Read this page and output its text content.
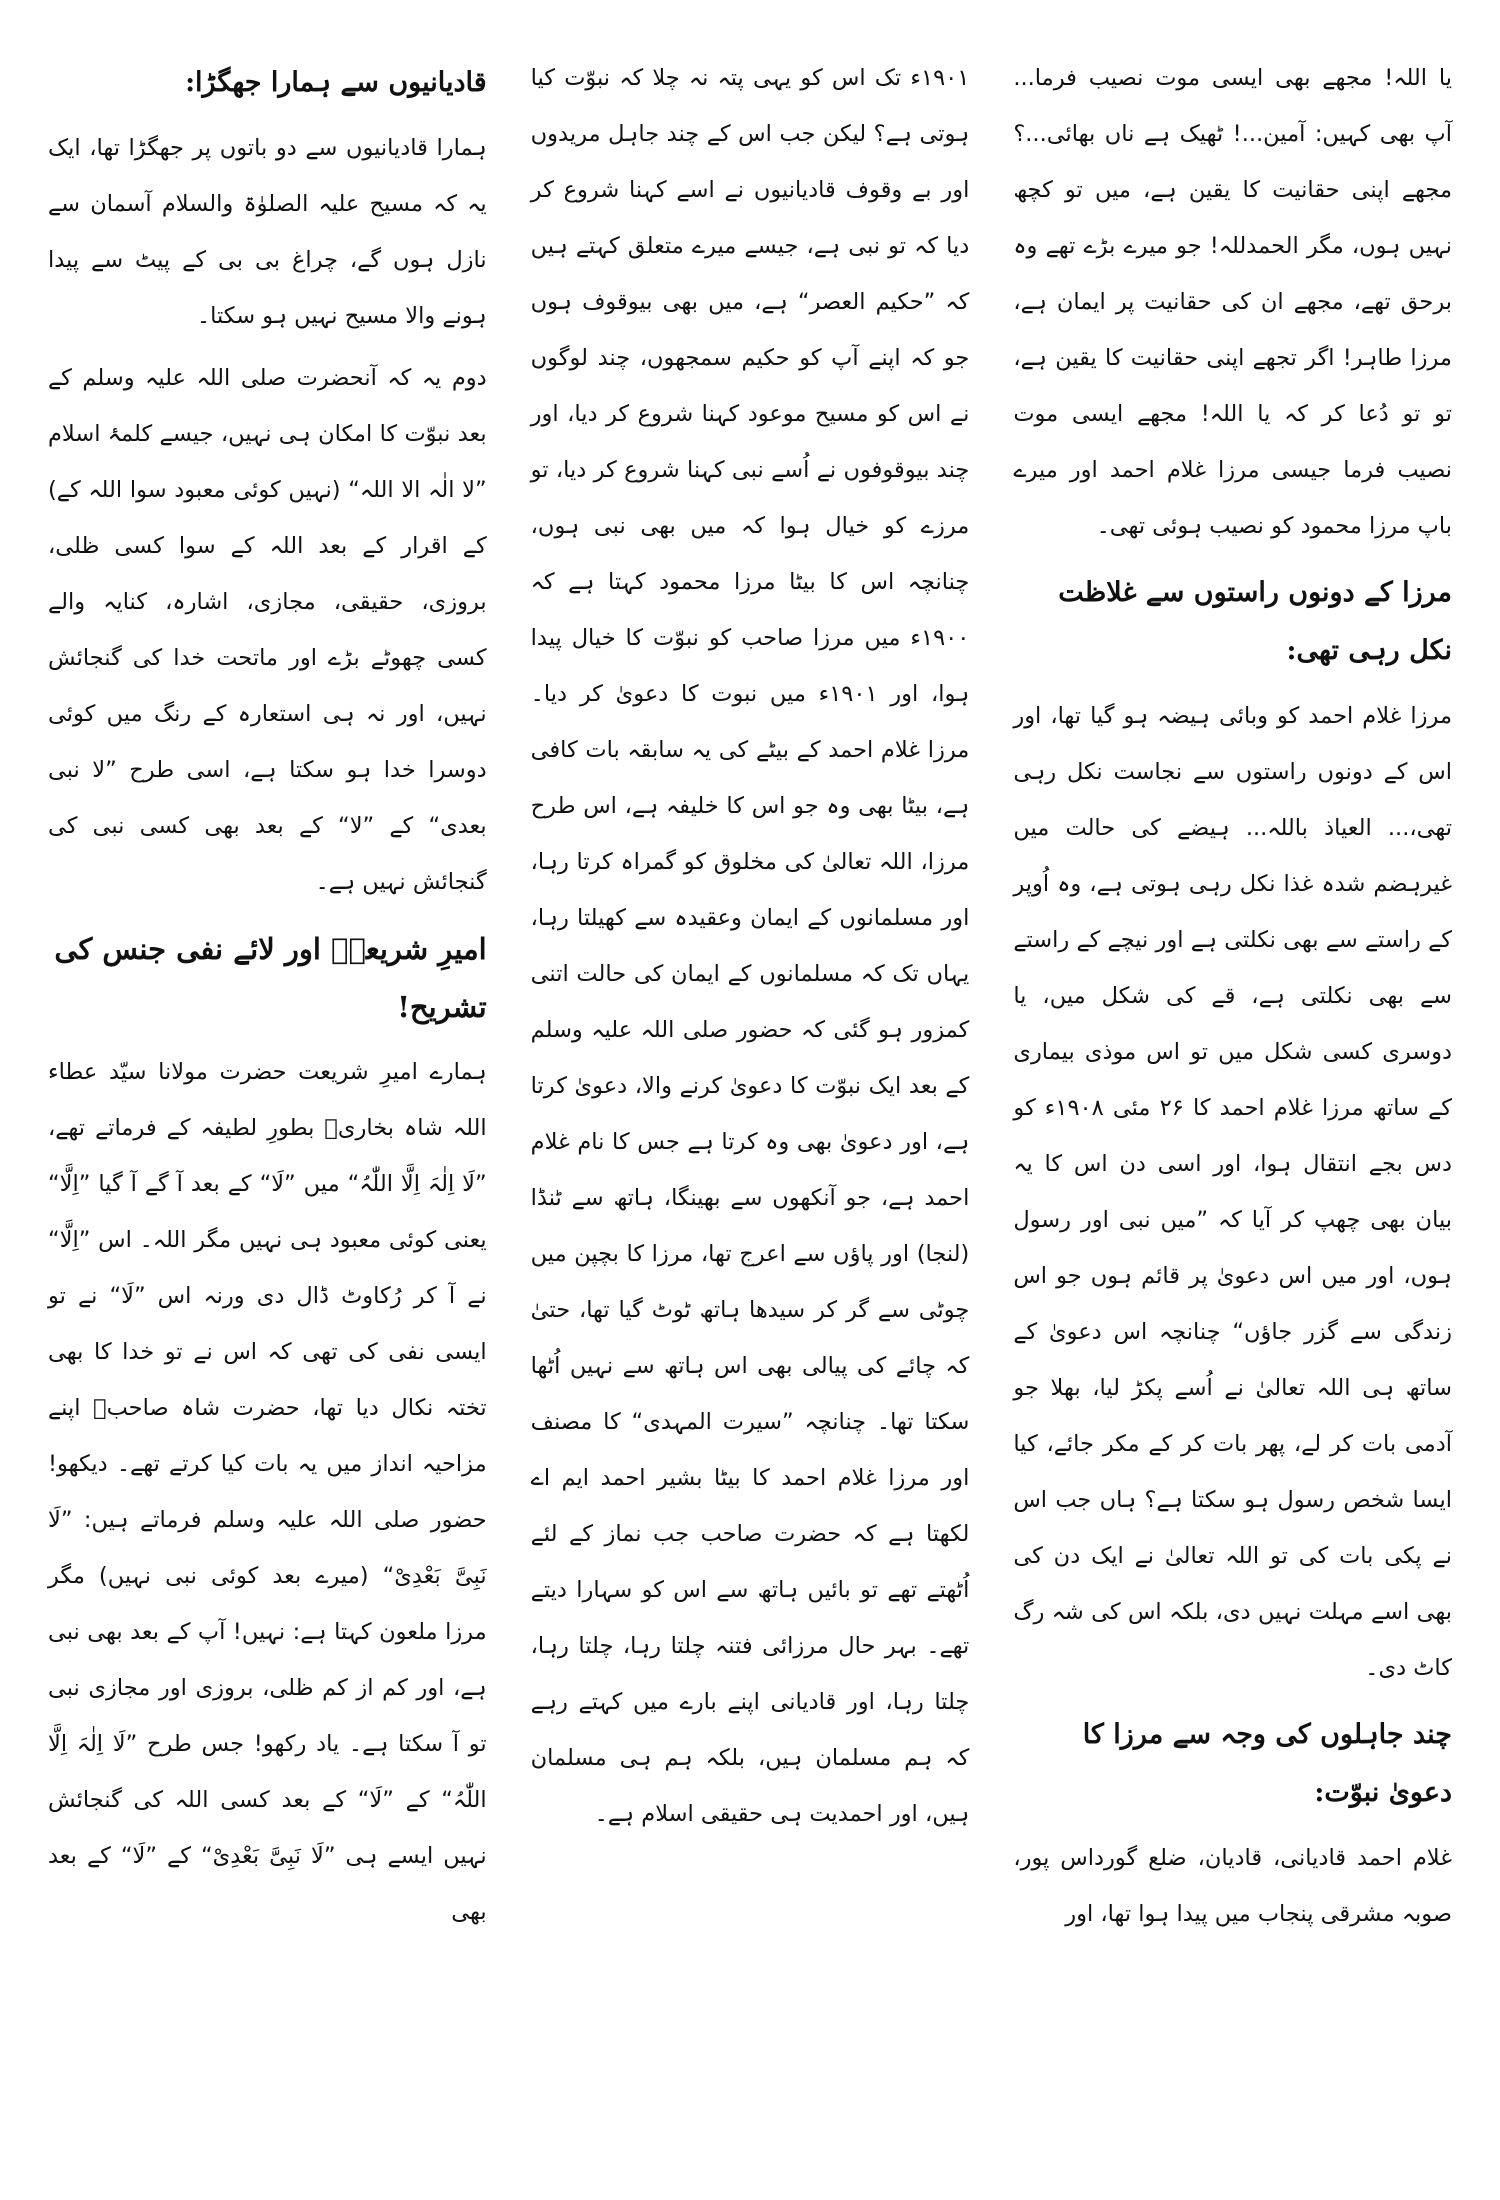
یا اللہ! مجھے بھی ایسی موت نصیب فرما... آپ بھی کہیں: آمین...! ٹھیک ہے ناں بھائی...؟ مجھے اپنی حقانیت کا یقین ہے، میں تو کچھ نہیں ہوں، مگر الحمدللہ! جو میرے بڑے تھے وہ برحق تھے، مجھے ان کی حقانیت پر ایمان ہے، مرزا طاہر! اگر تجھے اپنی حقانیت کا یقین ہے، تو تو دُعا کر کہ یا اللہ! مجھے ایسی موت نصیب فرما جیسی مرزا غلام احمد اور میرے باپ مرزا محمود کو نصیب ہوئی تھی۔

مرزا کے دونوں راستوں سے غلاظت نکل رہی تھی:

مرزا غلام احمد کو وبائی ہیضہ ہو گیا تھا، اور اس کے دونوں راستوں سے نجاست نکل رہی تھی،... العیاذ باللہ... ہیضے کی حالت میں غیرہضم شدہ غذا نکل رہی ہوتی ہے، وہ اُوپر کے راستے سے بھی نکلتی ہے اور نیچے کے راستے سے بھی نکلتی ہے، قے کی شکل میں، یا دوسری کسی شکل میں تو اس موذی بیماری کے ساتھ مرزا غلام احمد کا ۲۶ مئی ۱۹۰۸ء کو دس بجے انتقال ہوا، اور اسی دن اس کا یہ بیان بھی چھپ کر آیا کہ ”میں نبی اور رسول ہوں، اور میں اس دعویٰ پر قائم ہوں جو اس زندگی سے گزر جاؤں“ چنانچہ اس دعویٰ کے ساتھ ہی اللہ تعالیٰ نے اُسے پکڑ لیا، بھلا جو آدمی بات کر لے، پھر بات کر کے مکر جائے، کیا ایسا شخص رسول ہو سکتا ہے؟ ہاں جب اس نے پکی بات کی تو اللہ تعالیٰ نے ایک دن کی بھی اسے مہلت نہیں دی، بلکہ اس کی شہ رگ کاٹ دی۔

چند جاہلوں کی وجہ سے مرزا کا دعویٰ نبوّت:

غلام احمد قادیانی، قادیان، ضلع گورداس پور، صوبہ مشرقی پنجاب میں پیدا ہوا تھا، اور

۱۹۰۱ء تک اس کو یہی پتہ نہ چلا کہ نبوّت کیا ہوتی ہے؟ لیکن جب اس کے چند جاہل مریدوں اور بے وقوف قادیانیوں نے اسے کہنا شروع کر دیا کہ تو نبی ہے، جیسے میرے متعلق کہتے ہیں کہ ”حکیم العصر“ ہے، میں بھی بیوقوف ہوں جو کہ اپنے آپ کو حکیم سمجھوں، چند لوگوں نے اس کو مسیح موعود کہنا شروع کر دیا، اور چند بیوقوفوں نے اُسے نبی کہنا شروع کر دیا، تو مرزے کو خیال ہوا کہ میں بھی نبی ہوں، چنانچہ اس کا بیٹا مرزا محمود کہتا ہے کہ ۱۹۰۰ء میں مرزا صاحب کو نبوّت کا خیال پیدا ہوا، اور ۱۹۰۱ء میں نبوت کا دعویٰ کر دیا۔ مرزا غلام احمد کے بیٹے کی یہ سابقہ بات کافی ہے، بیٹا بھی وہ جو اس کا خلیفہ ہے، اس طرح مرزا، اللہ تعالیٰ کی مخلوق کو گمراہ کرتا رہا، اور مسلمانوں کے ایمان وعقیدہ سے کھیلتا رہا، یہاں تک کہ مسلمانوں کے ایمان کی حالت اتنی کمزور ہو گئی کہ حضور صلی اللہ علیہ وسلم کے بعد ایک نبوّت کا دعویٰ کرنے والا، دعویٰ کرتا ہے، اور دعویٰ بھی وہ کرتا ہے جس کا نام غلام احمد ہے، جو آنکھوں سے بھینگا، ہاتھ سے ٹنڈا (لنجا) اور پاؤں سے اعرج تھا، مرزا کا بچپن میں چوٹی سے گر کر سیدھا ہاتھ ٹوٹ گیا تھا، حتیٰ کہ چائے کی پیالی بھی اس ہاتھ سے نہیں اُٹھا سکتا تھا۔ چنانچہ ”سیرت المہدی“ کا مصنف اور مرزا غلام احمد کا بیٹا بشیر احمد ایم اے لکھتا ہے کہ حضرت صاحب جب نماز کے لئے اُٹھتے تھے تو بائیں ہاتھ سے اس کو سہارا دیتے تھے۔ بہر حال مرزائی فتنہ چلتا رہا، چلتا رہا، چلتا رہا، اور قادیانی اپنے بارے میں کہتے رہے کہ ہم مسلمان ہیں، بلکہ ہم ہی مسلمان ہیں، اور احمدیت ہی حقیقی اسلام ہے۔

قادیانیوں سے ہمارا جھگڑا:

ہمارا قادیانیوں سے دو باتوں پر جھگڑا تھا، ایک یہ کہ مسیح علیہ الصلوٰۃ والسلام آسمان سے نازل ہوں گے، چراغ بی بی کے پیٹ سے پیدا ہونے والا مسیح نہیں ہو سکتا۔

دوم یہ کہ آنحضرت صلی اللہ علیہ وسلم کے بعد نبوّت کا امکان ہی نہیں، جیسے کلمۂ اسلام ”لا الٰہ الا اللہ“ (نہیں کوئی معبود سوا اللہ کے) کے اقرار کے بعد اللہ کے سوا کسی ظلی، بروزی، حقیقی، مجازی، اشارہ، کنایہ والے کسی چھوٹے بڑے اور ماتحت خدا کی گنجائش نہیں، اور نہ ہی استعارہ کے رنگ میں کوئی دوسرا خدا ہو سکتا ہے، اسی طرح ”لا نبی بعدی“ کے ”لا“ کے بعد بھی کسی نبی کی گنجائش نہیں ہے۔

امیرِ شریعتؒ اور لائے نفی جنس کی تشریح!

ہمارے امیرِ شریعت حضرت مولانا سیّد عطاء اللہ شاہ بخاریؒ بطورِ لطیفہ کے فرماتے تھے، ”لَا اِلٰہَ اِلَّا اللّٰہُ“ میں ”لَا“ کے بعد آ گے آ گیا ”اِلَّا“ یعنی کوئی معبود ہی نہیں مگر اللہ۔ اس ”اِلَّا“ نے آ کر رُکاوٹ ڈال دی ورنہ اس ”لَا“ نے تو ایسی نفی کی تھی کہ اس نے تو خدا کا بھی تختہ نکال دیا تھا، حضرت شاہ صاحبؒ اپنے مزاحیہ انداز میں یہ بات کیا کرتے تھے۔ دیکھو! حضور صلی اللہ علیہ وسلم فرماتے ہیں: ”لَا نَبِیَّ بَعْدِیْ“ (میرے بعد کوئی نبی نہیں) مگر مرزا ملعون کہتا ہے: نہیں! آپ کے بعد بھی نبی ہے، اور کم از کم ظلی، بروزی اور مجازی نبی تو آ سکتا ہے۔ یاد رکھو! جس طرح ”لَا اِلٰہَ اِلَّا اللّٰہُ“ کے ”لَا“ کے بعد کسی اللہ کی گنجائش نہیں ایسے ہی ”لَا نَبِیَّ بَعْدِیْ“ کے ”لَا“ کے بعد بھی
